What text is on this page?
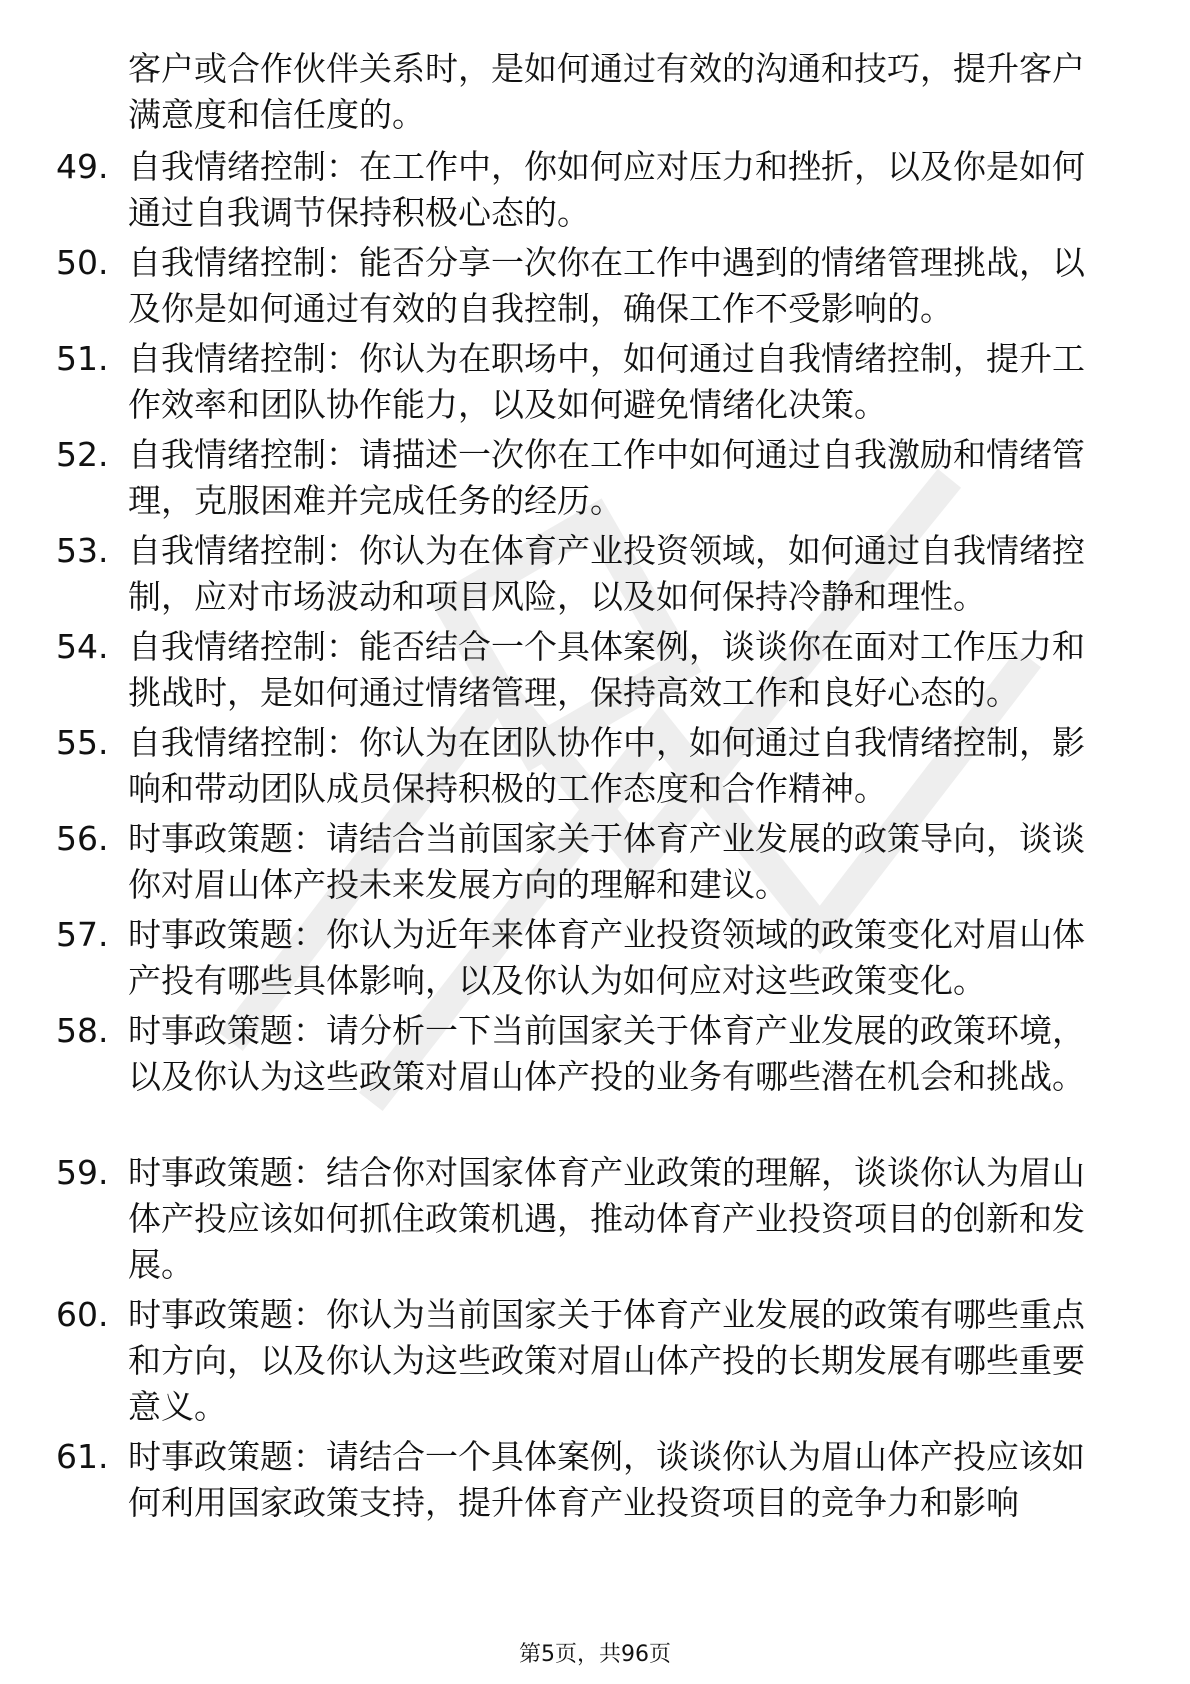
客户或合作伙伴关系时，是如何通过有效的沟通和技巧，提升客户满意度和信任度的。
49. 自我情绪控制：在工作中，你如何应对压力和挫折，以及你是如何通过自我调节保持积极心态的。
50. 自我情绪控制：能否分享一次你在工作中遇到的情绪管理挑战，以及你是如何通过有效的自我控制，确保工作不受影响的。
51. 自我情绪控制：你认为在职场中，如何通过自我情绪控制，提升工作效率和团队协作能力，以及如何避免情绪化决策。
52. 自我情绪控制：请描述一次你在工作中如何通过自我激励和情绪管理，克服困难并完成任务的经历。
53. 自我情绪控制：你认为在体育产业投资领域，如何通过自我情绪控制，应对市场波动和项目风险，以及如何保持冷静和理性。
54. 自我情绪控制：能否结合一个具体案例，谈谈你在面对工作压力和挑战时，是如何通过情绪管理，保持高效工作和良好心态的。
55. 自我情绪控制：你认为在团队协作中，如何通过自我情绪控制，影响和带动团队成员保持积极的工作态度和合作精神。
56. 时事政策题：请结合当前国家关于体育产业发展的政策导向，谈谈你对眉山体产投未来发展方向的理解和建议。
57. 时事政策题：你认为近年来体育产业投资领域的政策变化对眉山体产投有哪些具体影响，以及你认为如何应对这些政策变化。
58. 时事政策题：请分析一下当前国家关于体育产业发展的政策环境，以及你认为这些政策对眉山体产投的业务有哪些潜在机会和挑战。
59. 时事政策题：结合你对国家体育产业政策的理解，谈谈你认为眉山体产投应该如何抓住政策机遇，推动体育产业投资项目的创新和发展。
60. 时事政策题：你认为当前国家关于体育产业发展的政策有哪些重点和方向，以及你认为这些政策对眉山体产投的长期发展有哪些重要意义。
61. 时事政策题：请结合一个具体案例，谈谈你认为眉山体产投应该如何利用国家政策支持，提升体育产业投资项目的竞争力和影响
第5页，共96页
